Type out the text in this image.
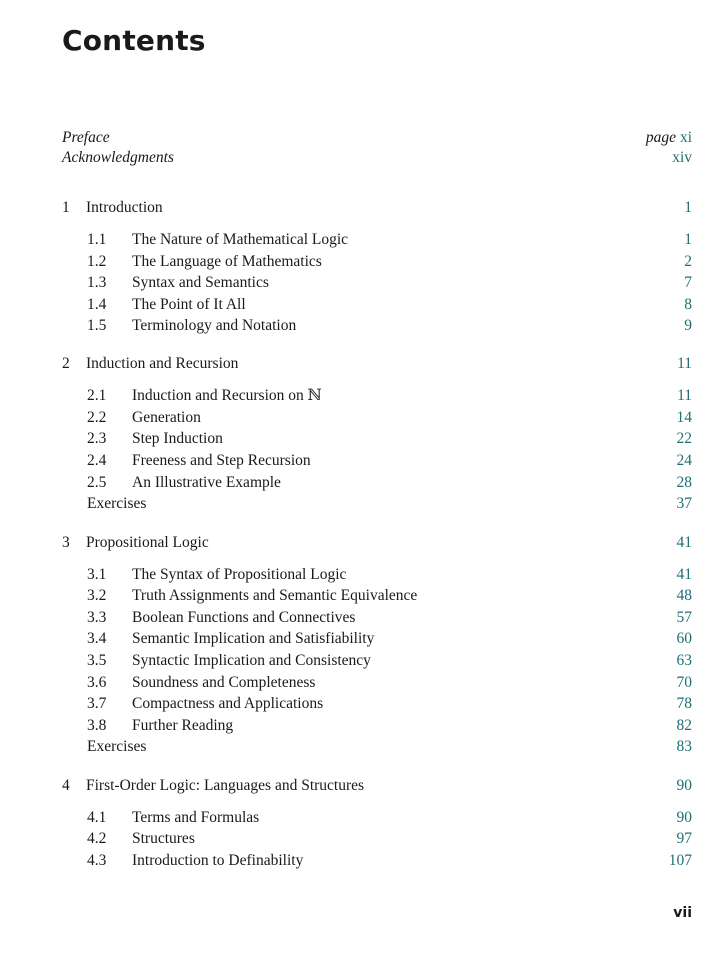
Contents
Preface	page xi
Acknowledgments	xiv
1 Introduction	1
1.1 The Nature of Mathematical Logic	1
1.2 The Language of Mathematics	2
1.3 Syntax and Semantics	7
1.4 The Point of It All	8
1.5 Terminology and Notation	9
2 Induction and Recursion	11
2.1 Induction and Recursion on ℕ	11
2.2 Generation	14
2.3 Step Induction	22
2.4 Freeness and Step Recursion	24
2.5 An Illustrative Example	28
Exercises	37
3 Propositional Logic	41
3.1 The Syntax of Propositional Logic	41
3.2 Truth Assignments and Semantic Equivalence	48
3.3 Boolean Functions and Connectives	57
3.4 Semantic Implication and Satisfiability	60
3.5 Syntactic Implication and Consistency	63
3.6 Soundness and Completeness	70
3.7 Compactness and Applications	78
3.8 Further Reading	82
Exercises	83
4 First-Order Logic: Languages and Structures	90
4.1 Terms and Formulas	90
4.2 Structures	97
4.3 Introduction to Definability	107
vii
